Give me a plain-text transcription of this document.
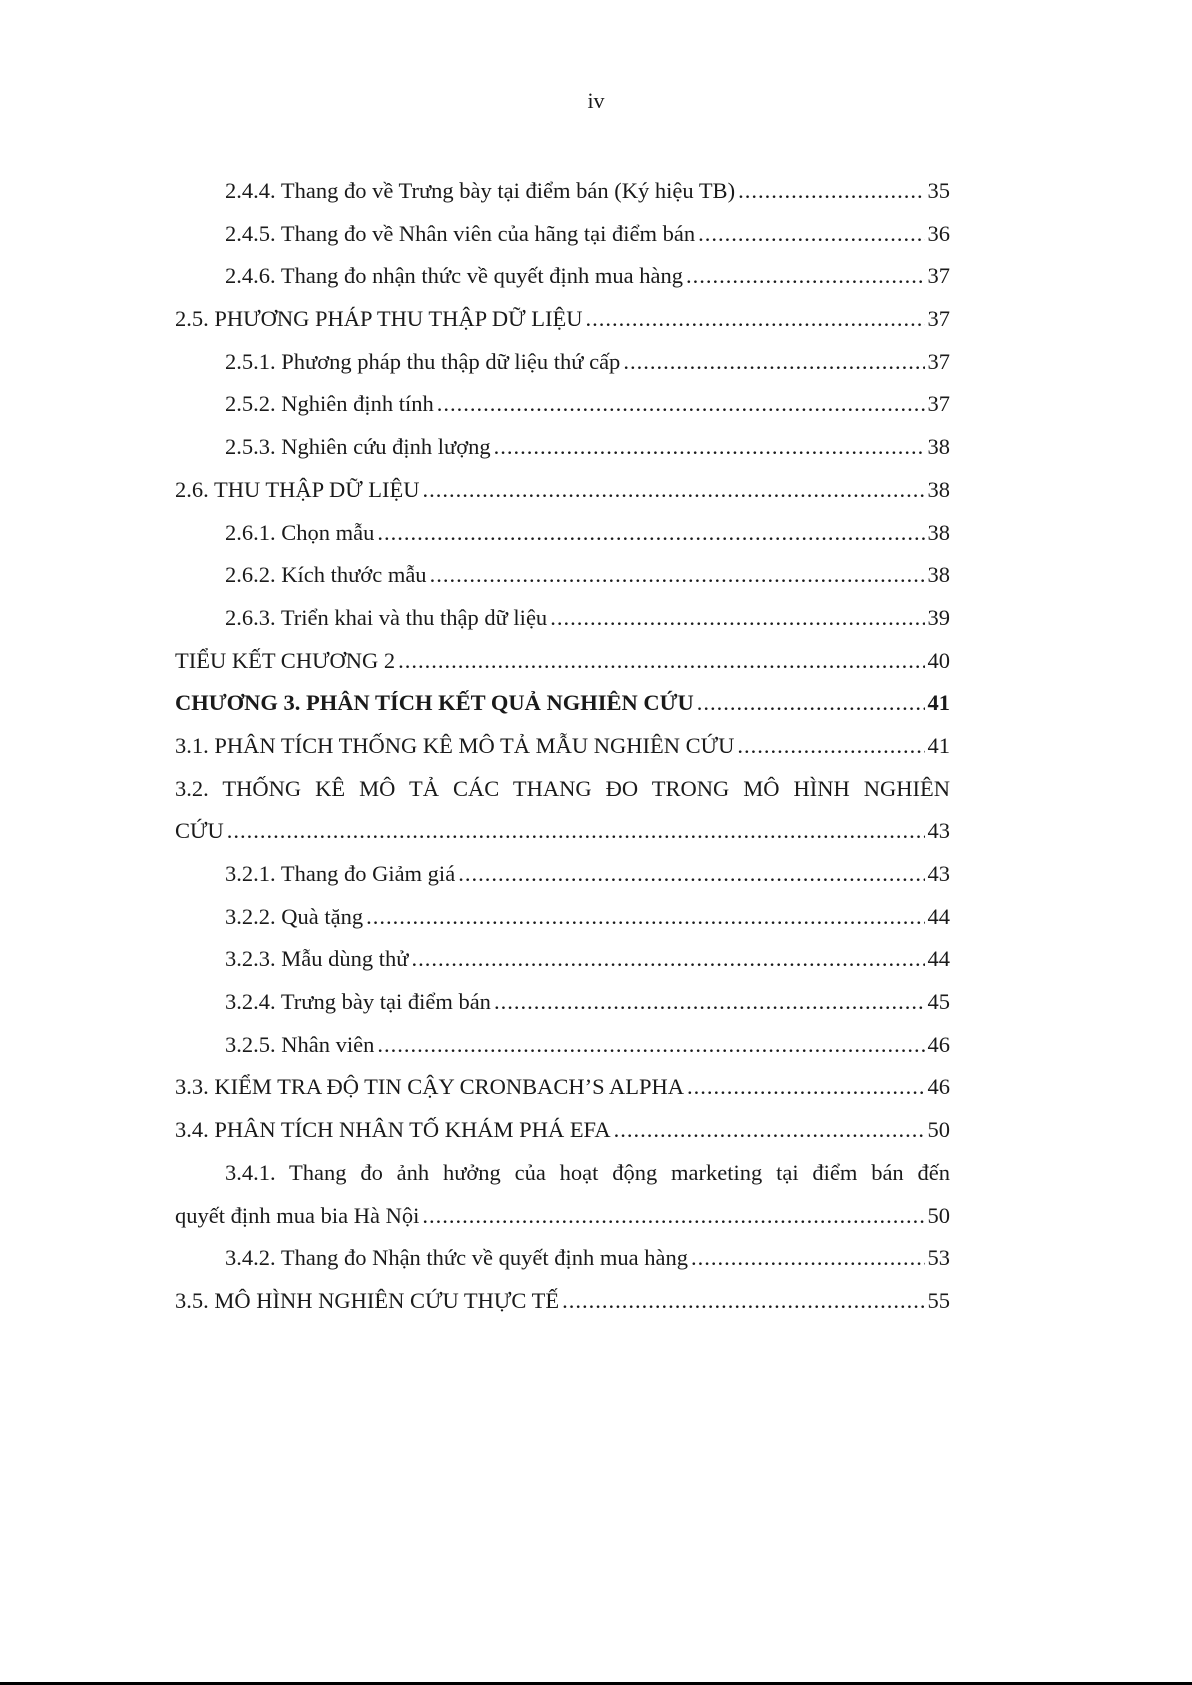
iv
2.4.4. Thang đo về Trưng bày tại điểm bán (Ký hiệu TB) .....	35
2.4.5. Thang đo về Nhân viên của hãng tại điểm bán .....	36
2.4.6. Thang đo nhận thức về quyết định mua hàng .....	37
2.5. PHƯƠNG PHÁP THU THẬP DỮ LIỆU .....	37
2.5.1. Phương pháp thu thập dữ liệu thứ cấp .....	37
2.5.2. Nghiên định tính .....	37
2.5.3. Nghiên cứu định lượng .....	38
2.6. THU THẬP DỮ LIỆU .....	38
2.6.1. Chọn mẫu .....	38
2.6.2. Kích thước mẫu .....	38
2.6.3. Triển khai và thu thập dữ liệu .....	39
TIỂU KẾT CHƯƠNG 2 .....	40
CHƯƠNG 3. PHÂN TÍCH KẾT QUẢ NGHIÊN CỨU .....	41
3.1. PHÂN TÍCH THỐNG KÊ MÔ TẢ MẪU NGHIÊN CỨU .....	41
3.2. THỐNG KÊ MÔ TẢ CÁC THANG ĐO TRONG MÔ HÌNH NGHIÊN
CỨU .....	43
3.2.1. Thang đo Giảm giá .....	43
3.2.2. Quà tặng .....	44
3.2.3. Mẫu dùng thử .....	44
3.2.4. Trưng bày tại điểm bán .....	45
3.2.5. Nhân viên .....	46
3.3. KIỂM TRA ĐỘ TIN CẬY CRONBACH’S ALPHA .....	46
3.4. PHÂN TÍCH NHÂN TỐ KHÁM PHÁ EFA .....	50
3.4.1. Thang đo ảnh hưởng của hoạt động marketing tại điểm bán đến
quyết định mua bia Hà Nội .....	50
3.4.2. Thang đo Nhận thức về quyết định mua hàng .....	53
3.5. MÔ HÌNH NGHIÊN CỨU THỰC TẾ .....	55
